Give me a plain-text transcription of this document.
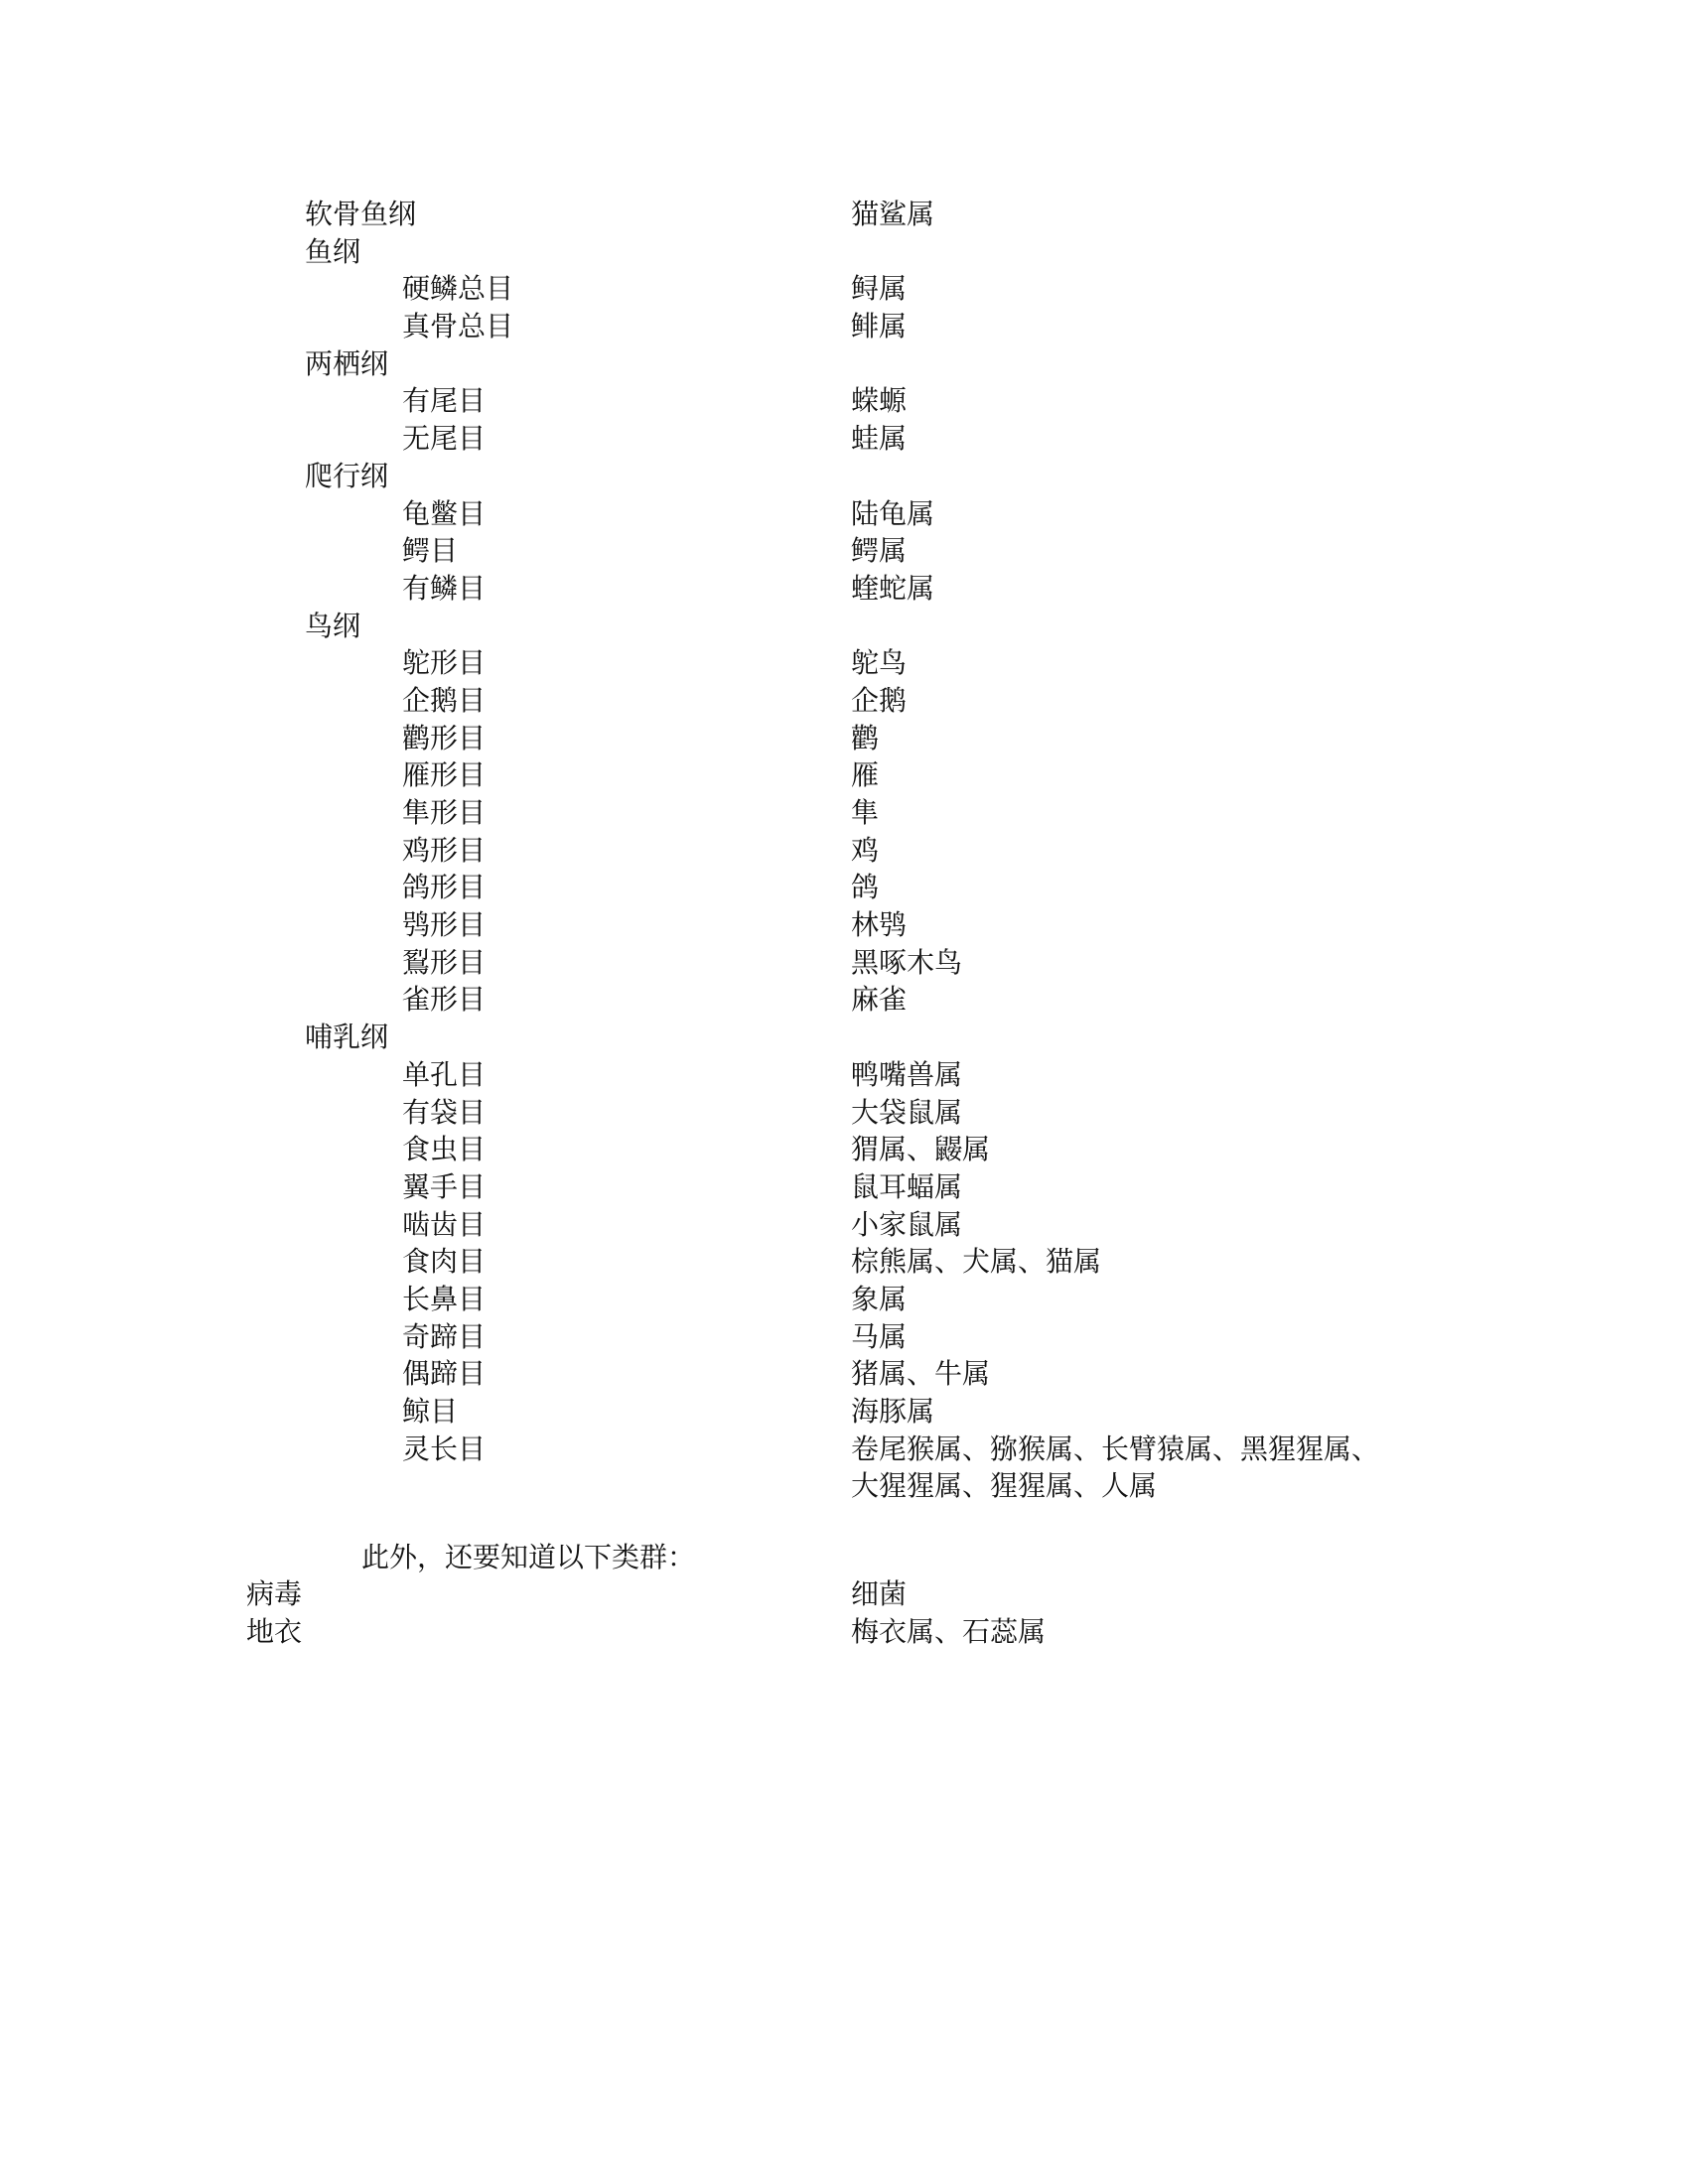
软骨鱼纲	猫鲨属
鱼纲
硬鳞总目	鲟属
真骨总目	鲱属
两栖纲
有尾目	蝾螈
无尾目	蛙属
爬行纲
龟鳖目	陆龟属
鳄目	鳄属
有鳞目	蝰蛇属
鸟纲
鸵形目	鸵鸟
企鹅目	企鹅
鹳形目	鹳
雁形目	雁
隼形目	隼
鸡形目	鸡
鸽形目	鸽
鸮形目	林鸮
鴷形目	黑啄木鸟
雀形目	麻雀
哺乳纲
单孔目	鸭嘴兽属
有袋目	大袋鼠属
食虫目	猬属、鼹属
翼手目	鼠耳蝠属
啮齿目	小家鼠属
食肉目	棕熊属、犬属、猫属
长鼻目	象属
奇蹄目	马属
偶蹄目	猪属、牛属
鲸目	海豚属
灵长目	卷尾猴属、猕猴属、长臂猿属、黑猩猩属、
大猩猩属、猩猩属、人属
此外，还要知道以下类群：
病毒	细菌
地衣	梅衣属、石蕊属
